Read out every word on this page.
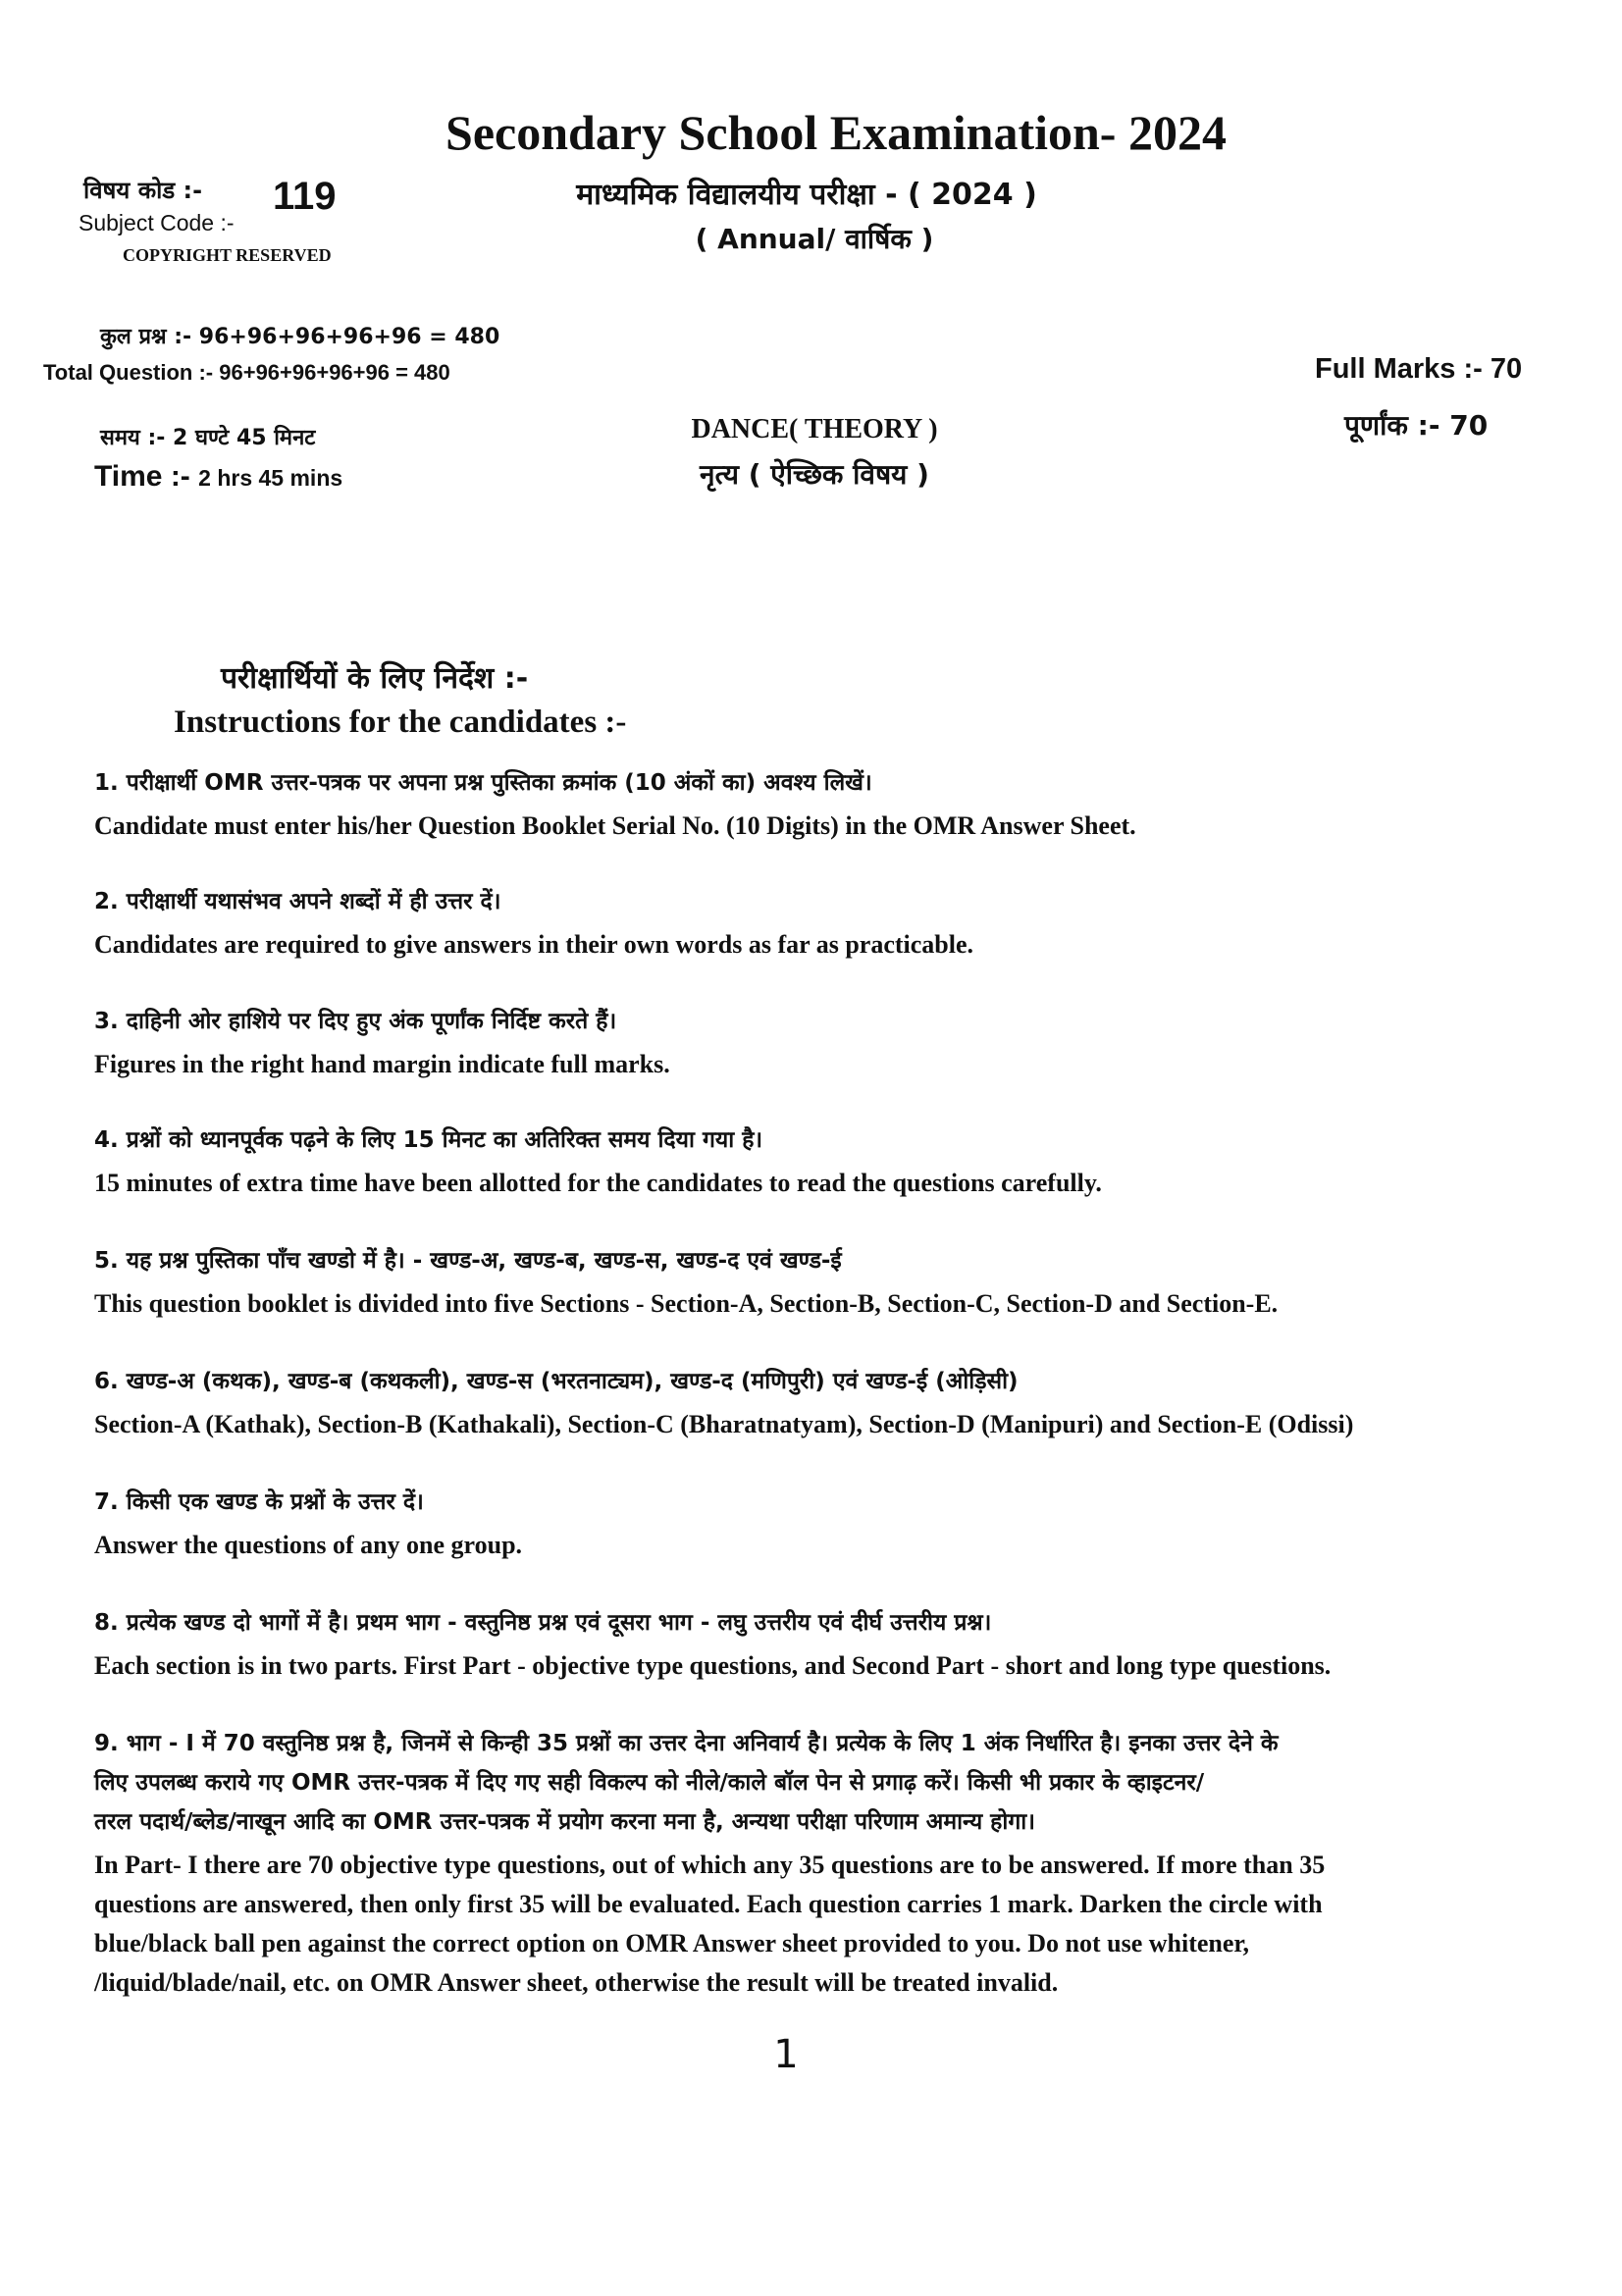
Secondary School Examination- 2024
विषय कोड :- 119
Subject Code :-
COPYRIGHT RESERVED
माध्यमिक विद्यालयीय परीक्षा - ( 2024 )
( Annual/ वार्षिक )
कुल प्रश्न :- 96+96+96+96+96 = 480
Total Question :- 96+96+96+96+96 = 480	Full Marks :- 70
पूर्णांक :- 70
समय :- 2 घण्टे 45 मिनट
Time :- 2 hrs 45 mins
DANCE( THEORY )
नृत्य ( ऐच्छिक विषय )
परीक्षार्थियों के लिए निर्देश :-
Instructions for the candidates :-
1. परीक्षार्थी OMR उत्तर-पत्रक पर अपना प्रश्न पुस्तिका क्रमांक (10 अंकों का) अवश्य लिखें।
Candidate must enter his/her Question Booklet Serial No. (10 Digits) in the OMR Answer Sheet.
2. परीक्षार्थी यथासंभव अपने शब्दों में ही उत्तर दें।
Candidates are required to give answers in their own words as far as practicable.
3. दाहिनी ओर हाशिये पर दिए हुए अंक पूर्णांक निर्दिष्ट करते हैं।
Figures in the right hand margin indicate full marks.
4. प्रश्नों को ध्यानपूर्वक पढ़ने के लिए 15 मिनट का अतिरिक्त समय दिया गया है।
15 minutes of extra time have been allotted for the candidates to read the questions carefully.
5. यह प्रश्न पुस्तिका पाँच खण्डो में है। - खण्ड-अ, खण्ड-ब, खण्ड-स, खण्ड-द एवं खण्ड-ई
This question booklet is divided into five Sections - Section-A, Section-B, Section-C, Section-D and Section-E.
6. खण्ड-अ (कथक), खण्ड-ब (कथकली), खण्ड-स (भरतनाट्यम), खण्ड-द (मणिपुरी) एवं खण्ड-ई (ओड़िसी)
Section-A (Kathak), Section-B (Kathakali), Section-C (Bharatnatyam), Section-D (Manipuri) and Section-E (Odissi)
7. किसी एक खण्ड के प्रश्नों के उत्तर दें।
Answer the questions of any one group.
8. प्रत्येक खण्ड दो भागों में है। प्रथम भाग - वस्तुनिष्ठ प्रश्न एवं दूसरा भाग - लघु उत्तरीय एवं दीर्घ उत्तरीय प्रश्न।
Each section is in two parts. First Part - objective type questions, and Second Part - short and long type questions.
9. भाग - I में 70 वस्तुनिष्ठ प्रश्न है, जिनमें से किन्ही 35 प्रश्नों का उत्तर देना अनिवार्य है। प्रत्येक के लिए 1 अंक निर्धारित है। इनका उत्तर देने के
लिए उपलब्ध कराये गए OMR उत्तर-पत्रक में दिए गए सही विकल्प को नीले/काले बॉल पेन से प्रगाढ़ करें। किसी भी प्रकार के व्हाइटनर/
तरल पदार्थ/ब्लेड/नाखून आदि का OMR उत्तर-पत्रक में प्रयोग करना मना है, अन्यथा परीक्षा परिणाम अमान्य होगा।
In Part- I there are 70 objective type questions, out of which any 35 questions are to be answered. If more than 35
questions are answered, then only first 35 will be evaluated. Each question carries 1 mark. Darken the circle with
blue/black ball pen against the correct option on OMR Answer sheet provided to you. Do not use whitener,
/liquid/blade/nail, etc. on OMR Answer sheet, otherwise the result will be treated invalid.
1
